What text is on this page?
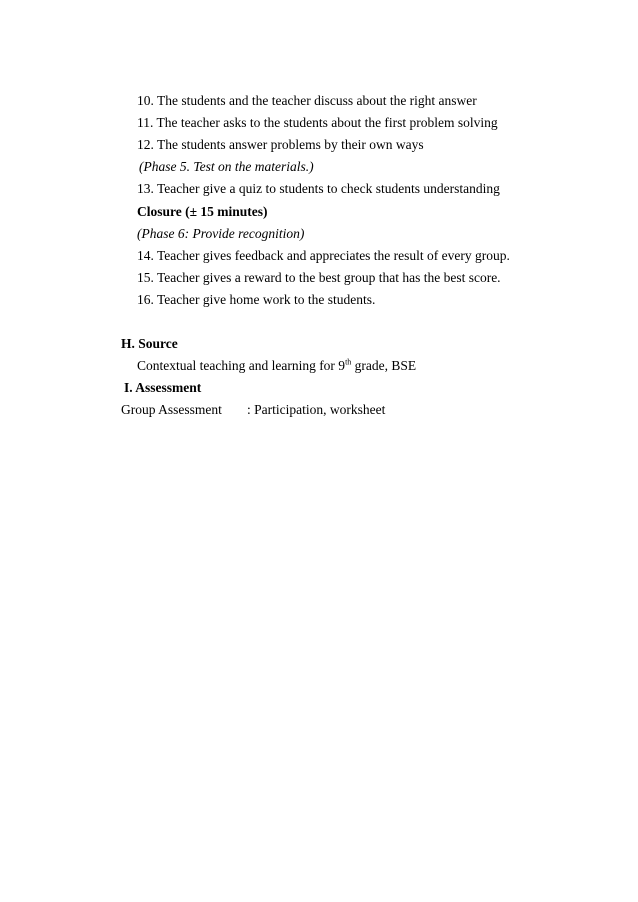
10. The students and the teacher discuss about the right answer
11. The teacher asks to the students about the first problem solving
12. The students answer problems by their own ways
(Phase 5. Test on the materials.)
13. Teacher give a quiz to students to check students understanding
Closure (± 15 minutes)
(Phase 6: Provide recognition)
14. Teacher gives feedback and appreciates the result of every group.
15. Teacher gives a reward to the best group that has the best score.
16. Teacher give home work to the students.
H. Source
Contextual teaching and learning for 9th grade, BSE
I. Assessment
Group Assessment : Participation, worksheet
